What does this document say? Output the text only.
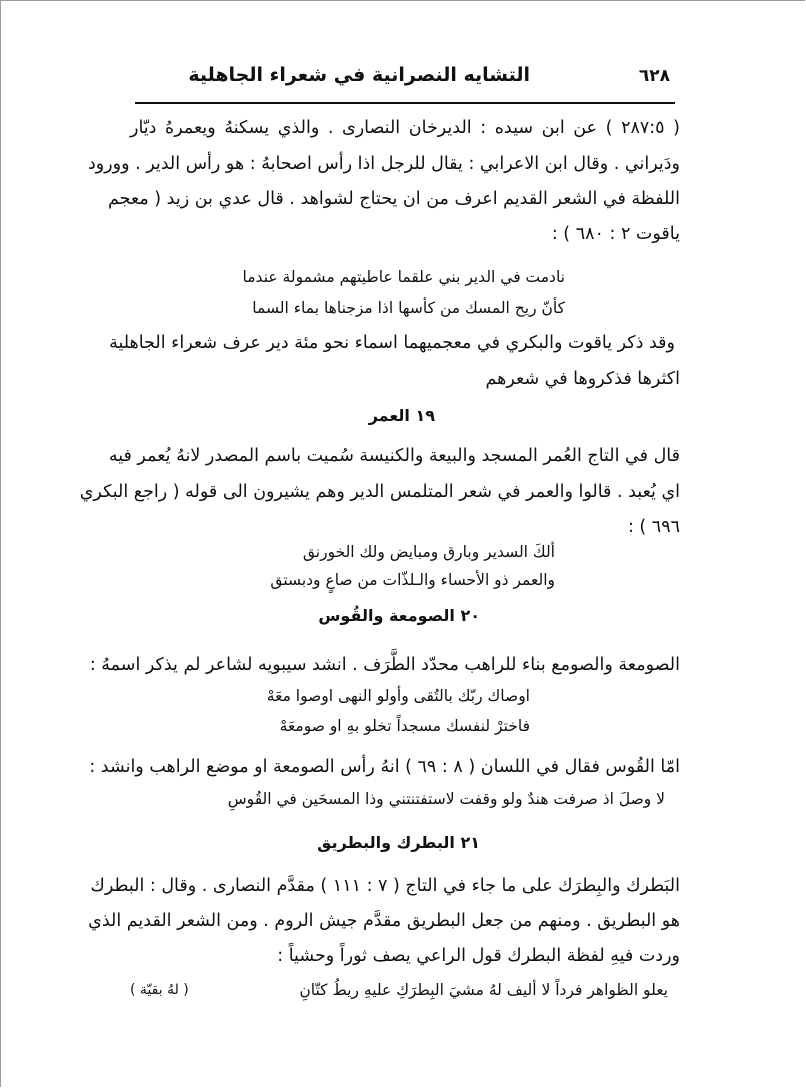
٦٢٨
التشايه النصرانية في شعراء الجاهلية
( ٢٨٧:٥ ) عن ابن سيده : الديرخان النصارى . والذي يسكنهُ ويعمرهُ ديّار
ودَيراني . وقال ابن الاعرابي : يقال للرجل اذا رأس اصحابهُ : هو رأس الدير . وورود
اللفظة في الشعر القديم اعرف من ان يحتاج لشواهد . قال عدي بن زيد ( معجم
ياقوت ٢ : ٦٨٠ ) :
نادمت في الدير بني علقما عاطيتهم مشمولة عندما
كأنّ ريح المسك من كأسها اذا مزجناها بماء السما
وقد ذكر ياقوت والبكري في معجميهما اسماء نحو مئة دير عرف شعراء الجاهلية
اكثرها فذكروها في شعرهم
١٩ العمر
قال في التاج العُمر المسجد والبيعة والكنيسة سُميت باسم المصدر لانهُ يُعمر فيه
اي يُعبد . قالوا والعمر في شعر المتلمس الدير وهم يشيرون الى قوله ( راجع البكري
٦٩٦ ) :
ألكَ السدير وبارق ومبايض ولك الخورنق
والعمر ذو الأحساء والـلذّات من صاعٍ ودبستق
٢٠ الصومعة والقُوس
الصومعة والصومع بناء للراهب محدّد الطَّرَف . انشد سيبويه لشاعر لم يذكر اسمهُ :
اوصاك ربّك بالتُقى وأولو النهى اوصوا معَهْ
فاخترْ لنفسك مسجداً تخلو بهِ او صومعَهْ
امّا القُوس فقال في اللسان ( ٨ : ٦٩ ) انهُ رأس الصومعة او موضع الراهب وانشد :
لا وصلَ اذ صرفت هندٌ ولو وقفت لاستفتنتني وذا المسحَين في القُوسِ
٢١ البطرك والبطريق
البَطرك والبِطرَك على ما جاء في التاج ( ٧ : ١١١ ) مقدَّم النصارى . وقال : البطرك
هو البطريق . ومنهم من جعل البطريق مقدَّم جيش الروم . ومن الشعر القديم الذي
وردت فيهِ لفظة البطرك قول الراعي يصف ثوراً وحشياً :
يعلو الظواهر فرداً لا أليف لهُ مشيَ البِطرَكِ عليهِ ريطُ كتّانِ
( لهُ بقيّة )
